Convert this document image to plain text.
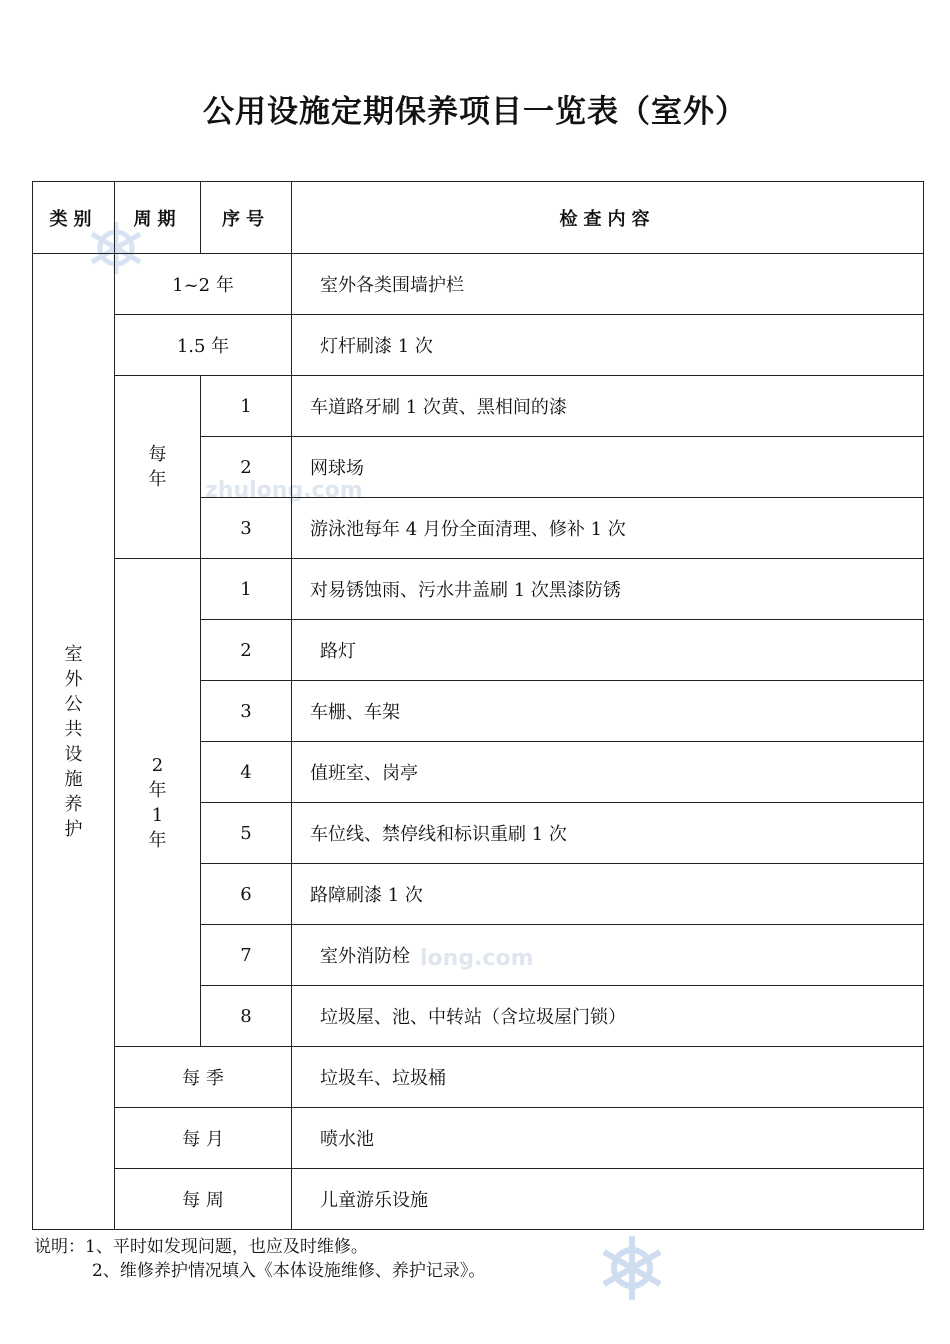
zhulong.com
long.com
公用设施定期保养项目一览表（室外）
类别	周期	序号	检查内容
室外公共设施养护	1~2 年		室外各类围墙护栏
	1.5 年		灯杆刷漆 1 次
	每年	1	车道路牙刷 1 次黄、黑相间的漆
		2	网球场
		3	游泳池每年 4 月份全面清理、修补 1 次
	2年1年	1	对易锈蚀雨、污水井盖刷 1 次黑漆防锈
		2	路灯
		3	车栅、车架
		4	值班室、岗亭
		5	车位线、禁停线和标识重刷 1 次
		6	路障刷漆 1 次
		7	室外消防栓
		8	垃圾屋、池、中转站（含垃圾屋门锁）
	每 季		垃圾车、垃圾桶
	每 月		喷水池
	每 周		儿童游乐设施
说明：1、平时如发现问题，也应及时维修。
2、维修养护情况填入《本体设施维修、养护记录》。
